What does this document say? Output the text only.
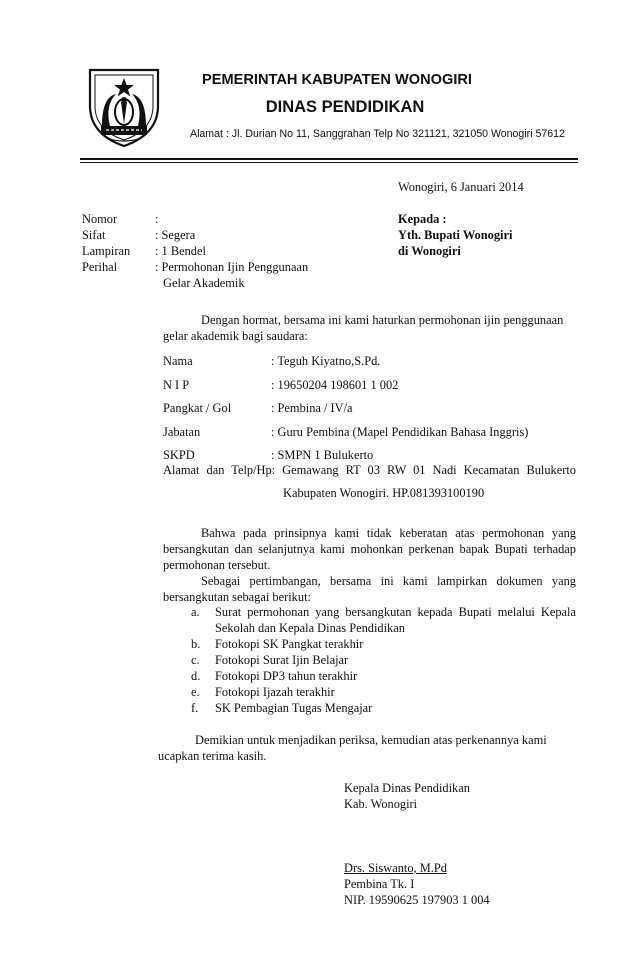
PEMERINTAH KABUPATEN WONOGIRI
DINAS PENDIDIKAN
Alamat : Jl. Durian No 11, Sanggrahan Telp No 321121, 321050 Wonogiri 57612
Wonogiri, 6 Januari 2014
Nomor	:
Sifat	: Segera
Lampiran : 1 Bendel
Perihal	: Permohonan Ijin Penggunaan
Gelar Akademik
Kepada :
Yth. Bupati Wonogiri
di Wonogiri
Dengan hormat, bersama ini kami haturkan permohonan ijin penggunaan
gelar akademik bagi saudara:
Nama	: Teguh Kiyatno,S.Pd.
N I P	: 19650204 198601 1 002
Pangkat / Gol	: Pembina / IV/a
Jabatan	: Guru Pembina (Mapel Pendidikan Bahasa Inggris)
SKPD	: SMPN 1 Bulukerto
Alamat dan Telp/Hp: Gemawang RT 03 RW 01 Nadi Kecamatan Bulukerto
Kabupaten Wonogiri. HP.081393100190
Bahwa pada prinsipnya kami tidak keberatan atas permohonan yang
bersangkutan dan selanjutnya kami mohonkan perkenan bapak Bupati terhadap
permohonan tersebut.
Sebagai pertimbangan, bersama ini kami lampirkan dokumen yang
bersangkutan sebagai berikut:
a. Surat permohonan yang bersangkutan kepada Bupati melalui Kepala
Sekolah dan Kepala Dinas Pendidikan
b. Fotokopi SK Pangkat terakhir
c. Fotokopi Surat Ijin Belajar
d. Fotokopi DP3 tahun terakhir
e. Fotokopi Ijazah terakhir
f. SK Pembagian Tugas Mengajar
Demikian untuk menjadikan periksa, kemudian atas perkenannya kami
ucapkan terima kasih.
Kepala Dinas Pendidikan
Kab. Wonogiri
Drs. Siswanto, M.Pd
Pembina Tk. I
NIP. 19590625 197903 1 004
